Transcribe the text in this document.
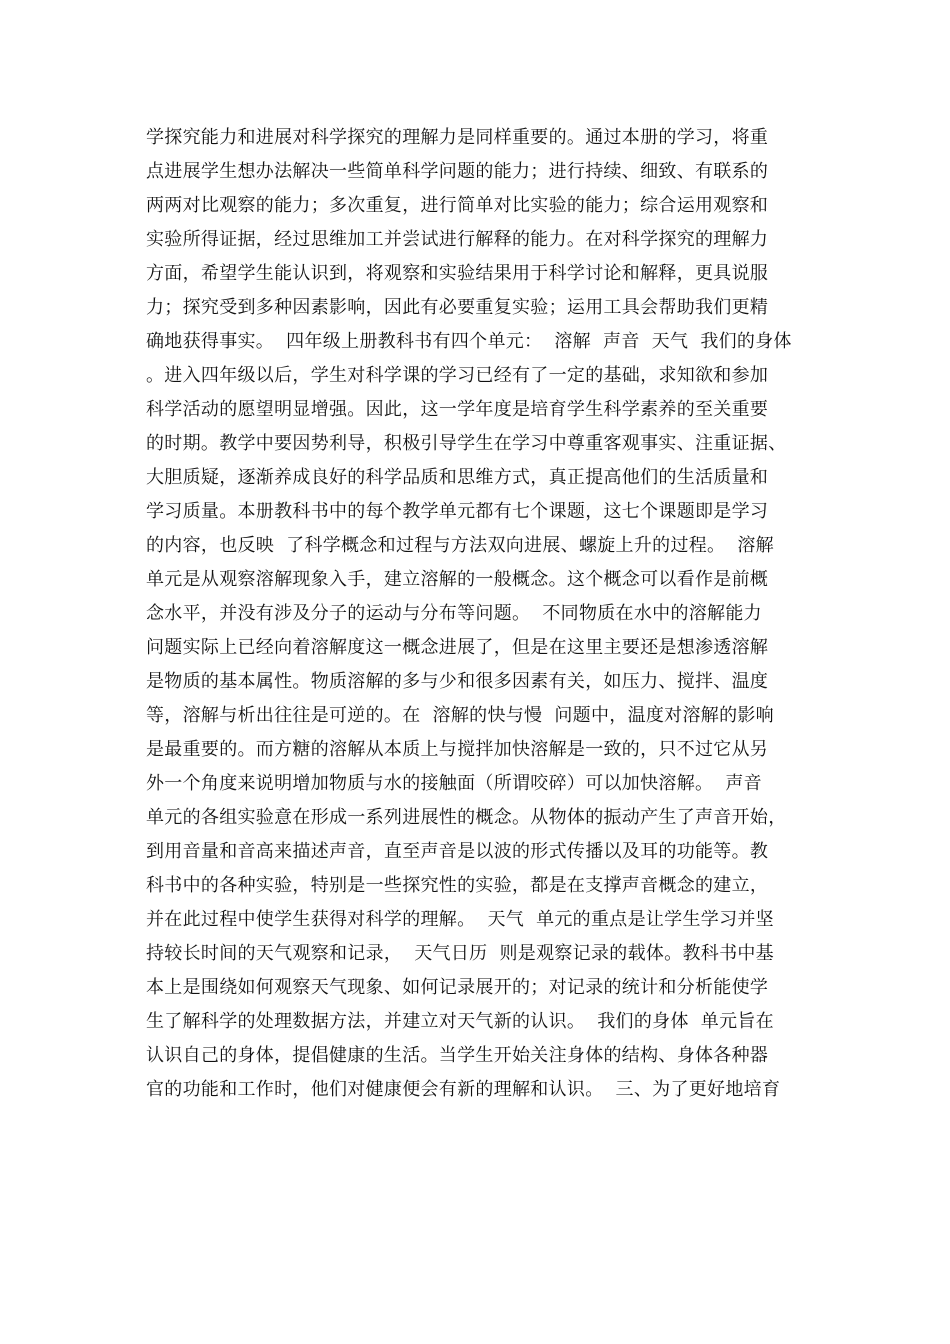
学探究能力和进展对科学探究的理解力是同样重要的。通过本册的学习，将重
点进展学生想办法解决一些简单科学问题的能力；进行持续、细致、有联系的
两两对比观察的能力；多次重复，进行简单对比实验的能力；综合运用观察和
实验所得证据，经过思维加工并尝试进行解释的能力。在对科学探究的理解力
方面，希望学生能认识到，将观察和实验结果用于科学讨论和解释，更具说服
力；探究受到多种因素影响，因此有必要重复实验；运用工具会帮助我们更精
确地获得事实。  四年级上册教科书有四个单元：  溶解  声音  天气  我们的身体
。进入四年级以后，学生对科学课的学习已经有了一定的基础，求知欲和参加
科学活动的愿望明显增强。因此，这一学年度是培育学生科学素养的至关重要
的时期。教学中要因势利导，积极引导学生在学习中尊重客观事实、注重证据、
大胆质疑，逐渐养成良好的科学品质和思维方式，真正提高他们的生活质量和
学习质量。本册教科书中的每个教学单元都有七个课题，这七个课题即是学习
的内容，也反映  了科学概念和过程与方法双向进展、螺旋上升的过程。  溶解
单元是从观察溶解现象入手，建立溶解的一般概念。这个概念可以看作是前概
念水平，并没有涉及分子的运动与分布等问题。  不同物质在水中的溶解能力
问题实际上已经向着溶解度这一概念进展了，但是在这里主要还是想渗透溶解
是物质的基本属性。物质溶解的多与少和很多因素有关，如压力、搅拌、温度
等，溶解与析出往往是可逆的。在  溶解的快与慢  问题中，温度对溶解的影响
是最重要的。而方糖的溶解从本质上与搅拌加快溶解是一致的，只不过它从另
外一个角度来说明增加物质与水的接触面（所谓咬碎）可以加快溶解。  声音
单元的各组实验意在形成一系列进展性的概念。从物体的振动产生了声音开始，
到用音量和音高来描述声音，直至声音是以波的形式传播以及耳的功能等。教
科书中的各种实验，特别是一些探究性的实验，都是在支撑声音概念的建立，
并在此过程中使学生获得对科学的理解。  天气  单元的重点是让学生学习并坚
持较长时间的天气观察和记录，  天气日历  则是观察记录的载体。教科书中基
本上是围绕如何观察天气现象、如何记录展开的；对记录的统计和分析能使学
生了解科学的处理数据方法，并建立对天气新的认识。  我们的身体  单元旨在
认识自己的身体，提倡健康的生活。当学生开始关注身体的结构、身体各种器
官的功能和工作时，他们对健康便会有新的理解和认识。  三、为了更好地培育
